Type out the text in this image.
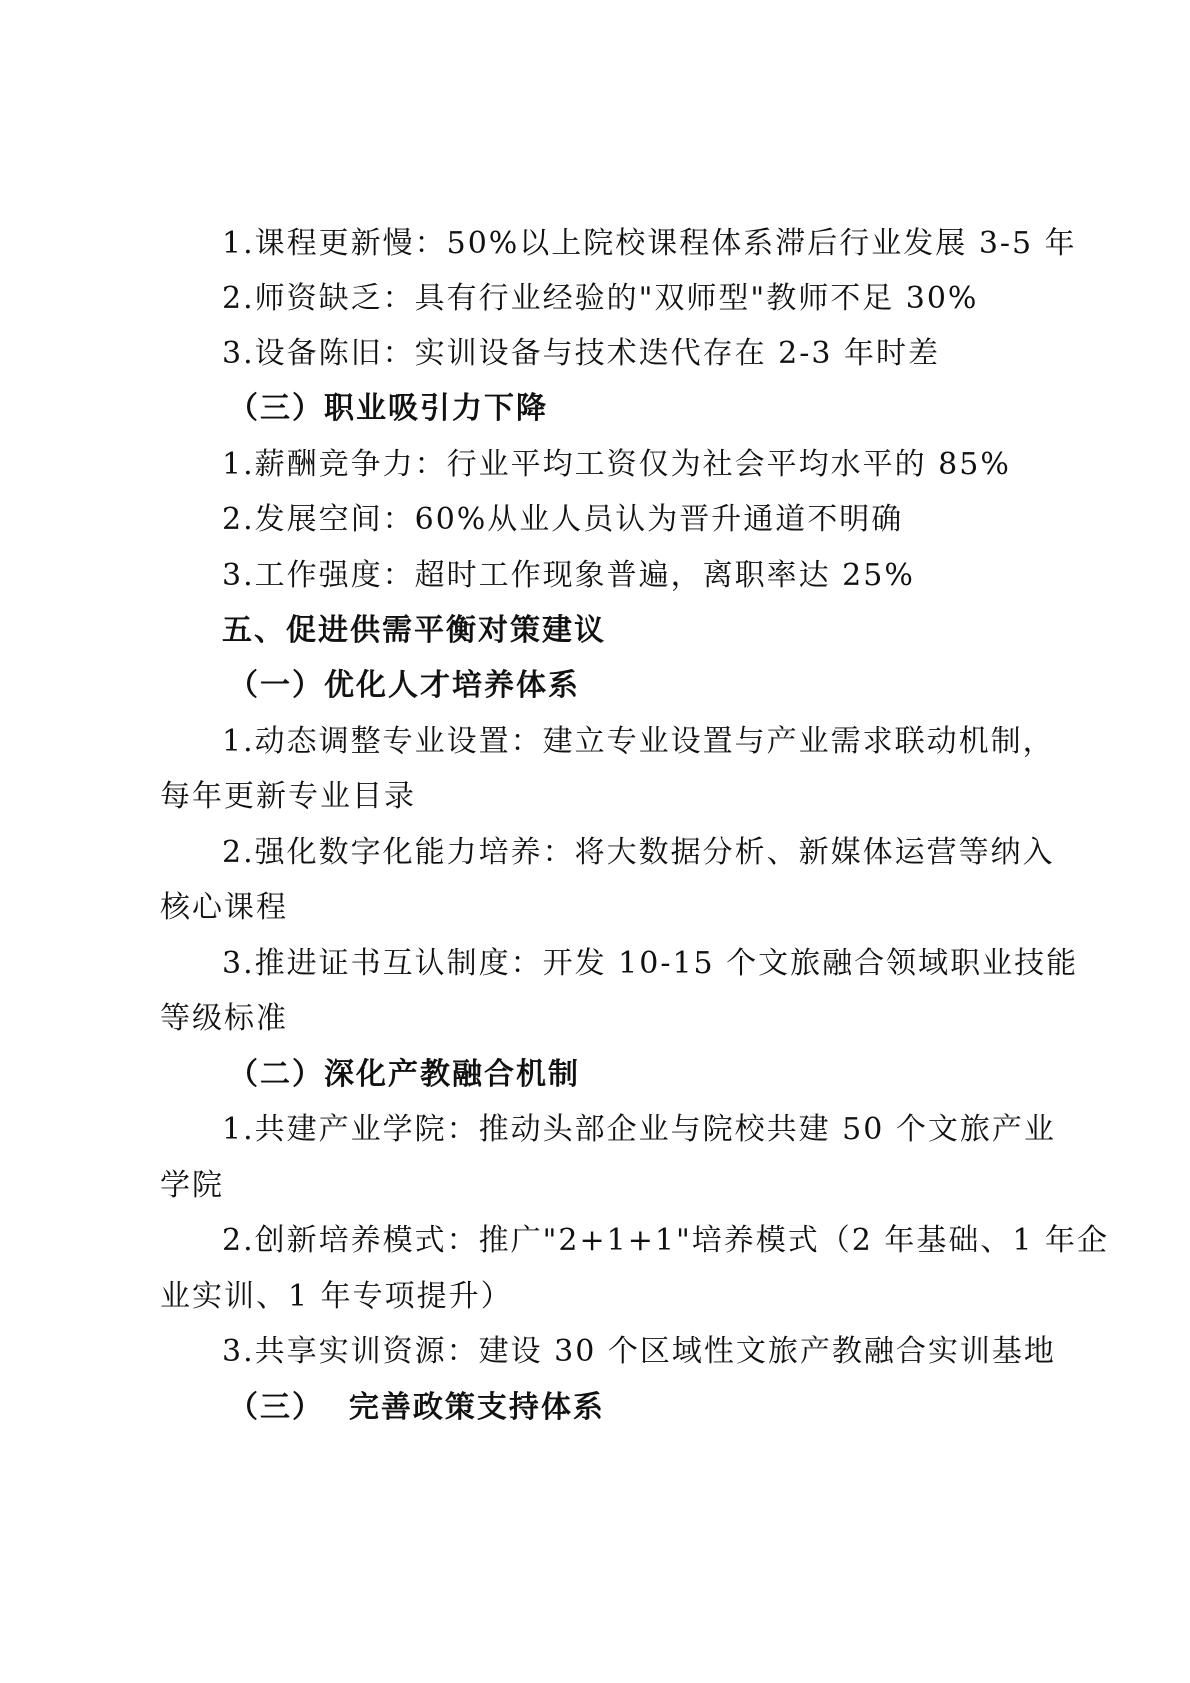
1.课程更新慢：50%以上院校课程体系滞后行业发展 3-5 年
2.师资缺乏：具有行业经验的"双师型"教师不足 30%
3.设备陈旧：实训设备与技术迭代存在 2-3 年时差
（三）职业吸引力下降
1.薪酬竞争力：行业平均工资仅为社会平均水平的 85%
2.发展空间：60%从业人员认为晋升通道不明确
3.工作强度：超时工作现象普遍，离职率达 25%
五、促进供需平衡对策建议
（一）优化人才培养体系
1.动态调整专业设置：建立专业设置与产业需求联动机制，
每年更新专业目录
2.强化数字化能力培养：将大数据分析、新媒体运营等纳入
核心课程
3.推进证书互认制度：开发 10-15 个文旅融合领域职业技能
等级标准
（二）深化产教融合机制
1.共建产业学院：推动头部企业与院校共建 50 个文旅产业
学院
2.创新培养模式：推广"2+1+1"培养模式（2 年基础、1 年企
业实训、1 年专项提升）
3.共享实训资源：建设 30 个区域性文旅产教融合实训基地
（三）  完善政策支持体系
